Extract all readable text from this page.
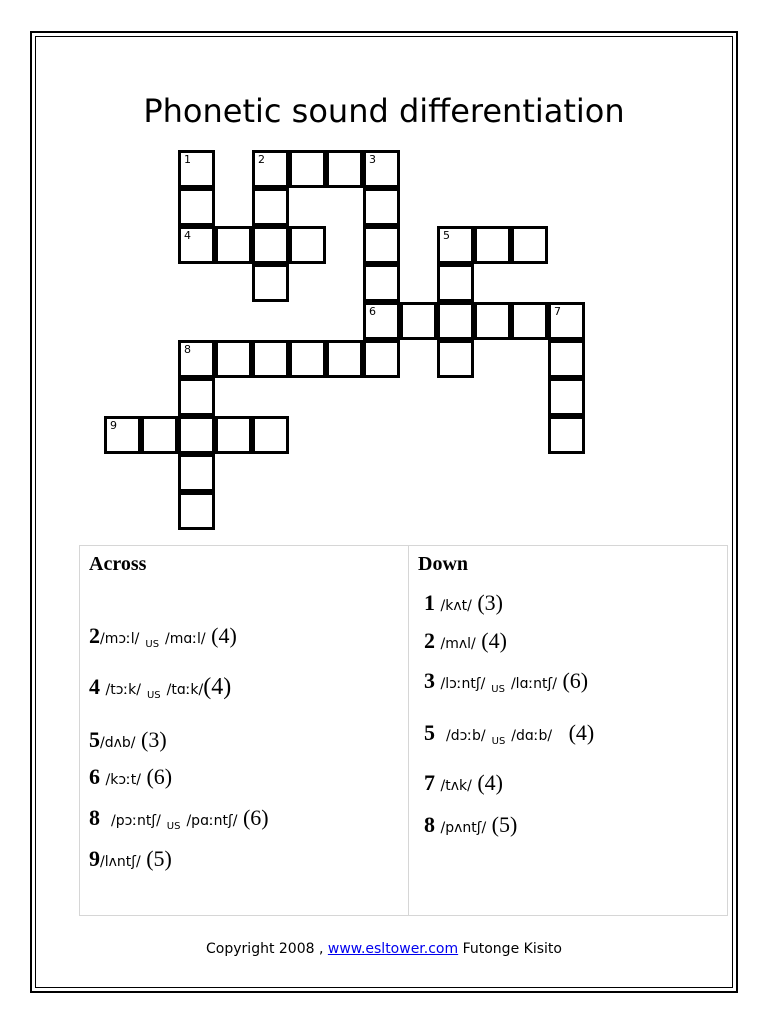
Phonetic sound differentiation
1
4
2	3
6
5
7
8
9
Across	Down
2/mɔːl/ US /mɑːl/ (4)
4 /tɔːk/ US /tɑːk/(4)
5/dʌb/ (3)
6 /kɔːt/ (6)
8 /pɔːntʃ/ US /pɑːntʃ/ (6)
9/lʌntʃ/ (5)
1 /kʌt/ (3)
2 /mʌl/ (4)
3 /lɔːntʃ/ US /lɑːntʃ/ (6)
5 /dɔːb/ US /dɑːb/ (4)
7 /tʌk/ (4)
8 /pʌntʃ/ (5)
Copyright 2008 , www.esltower.com Futonge Kisito
